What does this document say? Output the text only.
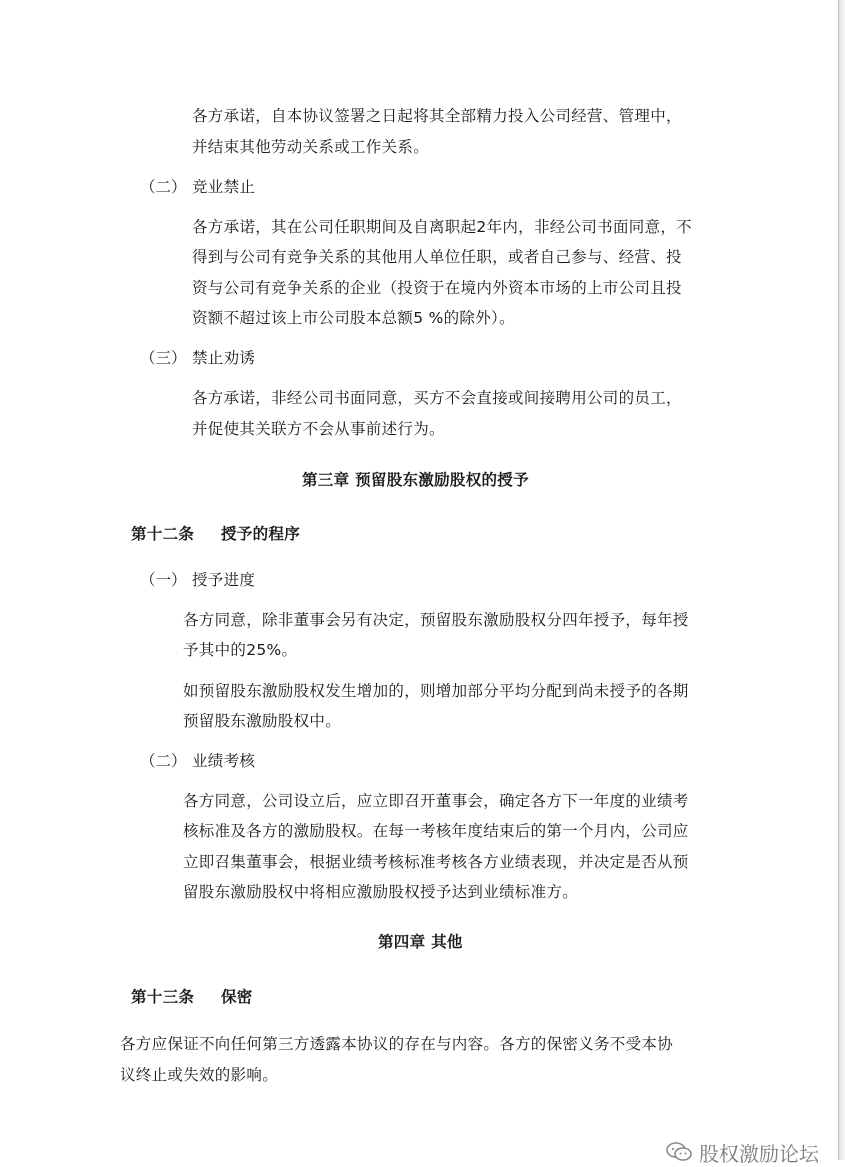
各方承诺，自本协议签署之日起将其全部精力投入公司经营、管理中，
并结束其他劳动关系或工作关系。
（二） 竞业禁止
各方承诺，其在公司任职期间及自离职起2年内，非经公司书面同意，不
得到与公司有竞争关系的其他用人单位任职，或者自己参与、经营、投
资与公司有竞争关系的企业（投资于在境内外资本市场的上市公司且投
资额不超过该上市公司股本总额5 %的除外）。
（三） 禁止劝诱
各方承诺，非经公司书面同意，买方不会直接或间接聘用公司的员工，
并促使其关联方不会从事前述行为。
第三章 预留股东激励股权的授予
第十二条 授予的程序
（一） 授予进度
各方同意，除非董事会另有决定，预留股东激励股权分四年授予，每年授
予其中的25%。
如预留股东激励股权发生增加的，则增加部分平均分配到尚未授予的各期
预留股东激励股权中。
（二） 业绩考核
各方同意，公司设立后，应立即召开董事会，确定各方下一年度的业绩考
核标准及各方的激励股权。在每一考核年度结束后的第一个月内，公司应
立即召集董事会，根据业绩考核标准考核各方业绩表现，并决定是否从预
留股东激励股权中将相应激励股权授予达到业绩标准方。
第四章 其他
第十三条 保密
各方应保证不向任何第三方透露本协议的存在与内容。各方的保密义务不受本协
议终止或失效的影响。
股权激励论坛
